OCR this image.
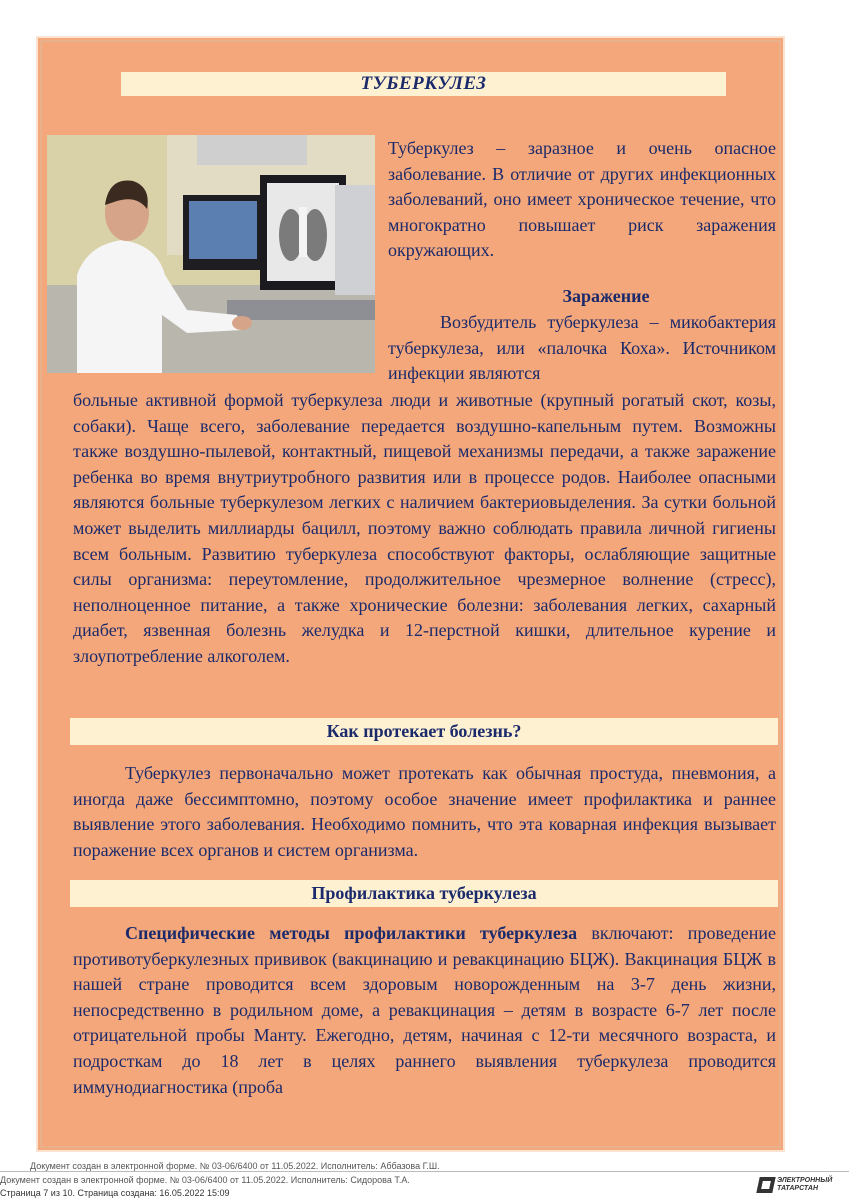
ТУБЕРКУЛЕЗ

Туберкулез – заразное и очень опасное заболевание. В отличие от других инфекционных заболеваний, оно имеет хроническое течение, что многократно повышает риск заражения окружающих.

Заражение

Возбудитель туберкулеза – микобактерия туберкулеза, или «палочка Коха». Источником инфекции являются

больные активной формой туберкулеза люди и животные (крупный рогатый скот, козы, собаки). Чаще всего, заболевание передается воздушно-капельным путем. Возможны также воздушно-пылевой, контактный, пищевой механизмы передачи, а также заражение ребенка во время внутриутробного развития или в процессе родов. Наиболее опасными являются больные туберкулезом легких с наличием бактериовыделения. За сутки больной может выделить миллиарды бацилл, поэтому важно соблюдать правила личной гигиены всем больным. Развитию туберкулеза способствуют факторы, ослабляющие защитные силы организма: переутомление, продолжительное чрезмерное волнение (стресс), неполноценное питание, а также хронические болезни: заболевания легких, сахарный диабет, язвенная болезнь желудка и 12-перстной кишки, длительное курение и злоупотребление алкоголем.

Как протекает болезнь?

Туберкулез первоначально может протекать как обычная простуда, пневмония, а иногда даже бессимптомно, поэтому особое значение имеет профилактика и раннее выявление этого заболевания. Необходимо помнить, что эта коварная инфекция вызывает поражение всех органов и систем организма.

Профилактика туберкулеза

Специфические методы профилактики туберкулеза включают: проведение противотуберкулезных прививок (вакцинацию и ревакцинацию БЦЖ). Вакцинация БЦЖ в нашей стране проводится всем здоровым новорожденным на 3-7 день жизни, непосредственно в родильном доме, а ревакцинация – детям в возрасте 6-7 лет после отрицательной пробы Манту. Ежегодно, детям, начиная с 12-ти месячного возраста, и подросткам до 18 лет в целях раннего выявления туберкулеза проводится иммунодиагностика (проба

Документ создан в электронной форме. № 03-06/6400 от 11.05.2022. Исполнитель: Аббазова Г.Ш.
Документ создан в электронной форме. № 03-06/6400 от 11.05.2022. Исполнитель: Сидорова Т.А.
Страница 7 из 10. Страница создана: 16.05.2022 15:09
ЭЛЕКТРОННЫЙ
ТАТАРСТАН
